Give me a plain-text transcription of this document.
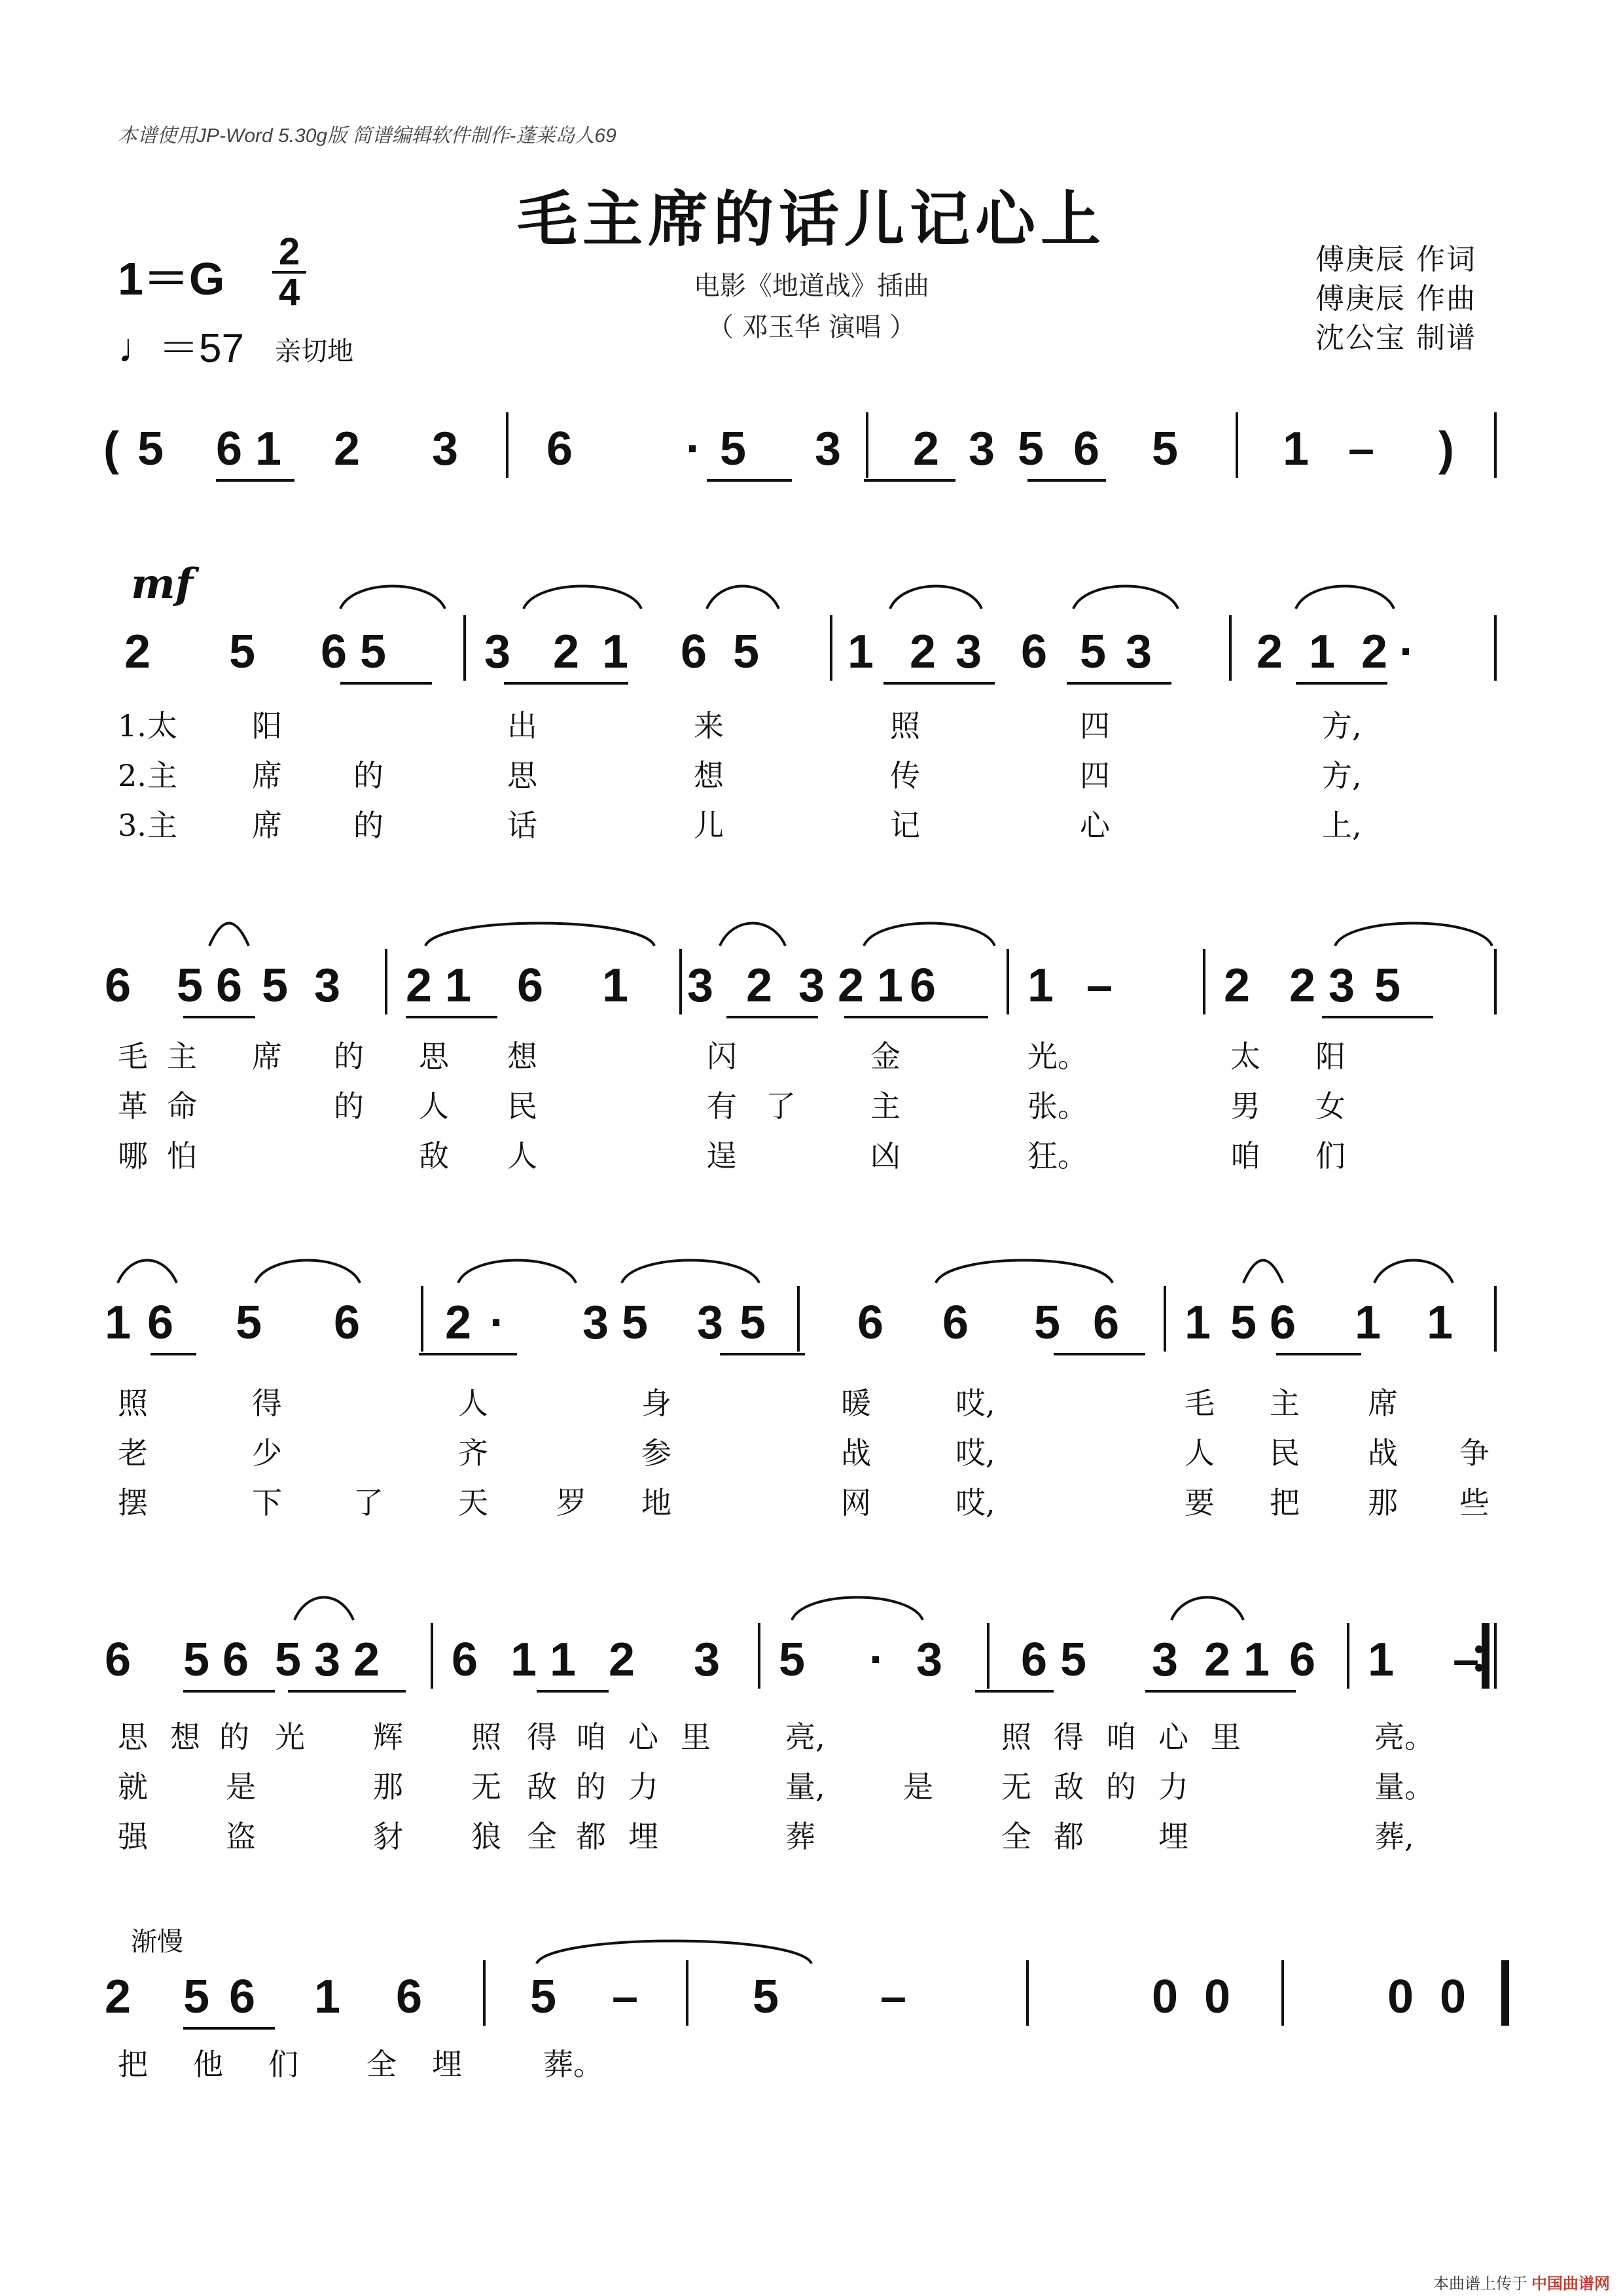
本谱使用JP-Word 5.30g版 简谱编辑软件制作-蓬莱岛人69
毛主席的话儿记心上
电影《地道战》插曲
（ 邓玉华 演唱 ）
1＝G
2
4
♩＝57 亲切地
傅庚辰 作词
傅庚辰 作曲
沈公宝 制谱
mf
渐慢
( 5 6 1 2 3 6 · 5 3 2 3 5 6 5 1 – )
2 5 6 5 3 2 1 6 5 1 2 3 6 5 3 2 1 2 ·
1. 太 阳	出	来	照	四	方,
2. 主 席 的	思	想	传	四	方,
3. 主 席 的	话	儿	记	心	上,
6 5 6 5 3 2 1 6 1 3 2 3 2 1 6 1 – 2 2 3 5
毛 主 席 的 思 想	闪	金	光。	太 阳
革 命	的 人 民	有 了 主	张。	男 女
哪 怕	敌 人	逞	凶	狂。	咱 们
1 6 5 6 2 · 3 5 3 5 6 6 5 6 1 5 6 1 1
照	得	人	身	暖	哎,	毛 主 席
老	少	齐	参	战	哎,	人 民 战 争
摆	下 了 天 罗 地	网	哎,	要 把 那 些
6 5 6 5 3 2 6 1 1 2 3 5 · 3 6 5 3 2 1 6 1 –
思 想 的 光 辉 照 得 咱 心 里 亮,	照 得 咱 心 里	亮。
就	是	那 无 敌 的 力	量,	是 无 敌 的 力	量。
强	盗	豺 狼 全 都 埋	葬	全 都 埋	葬,
2 5 6 1 6 5 – 5 –	0 0	0 0
把 他 们 全 埋	葬。
本曲谱上传于 中国曲谱网
